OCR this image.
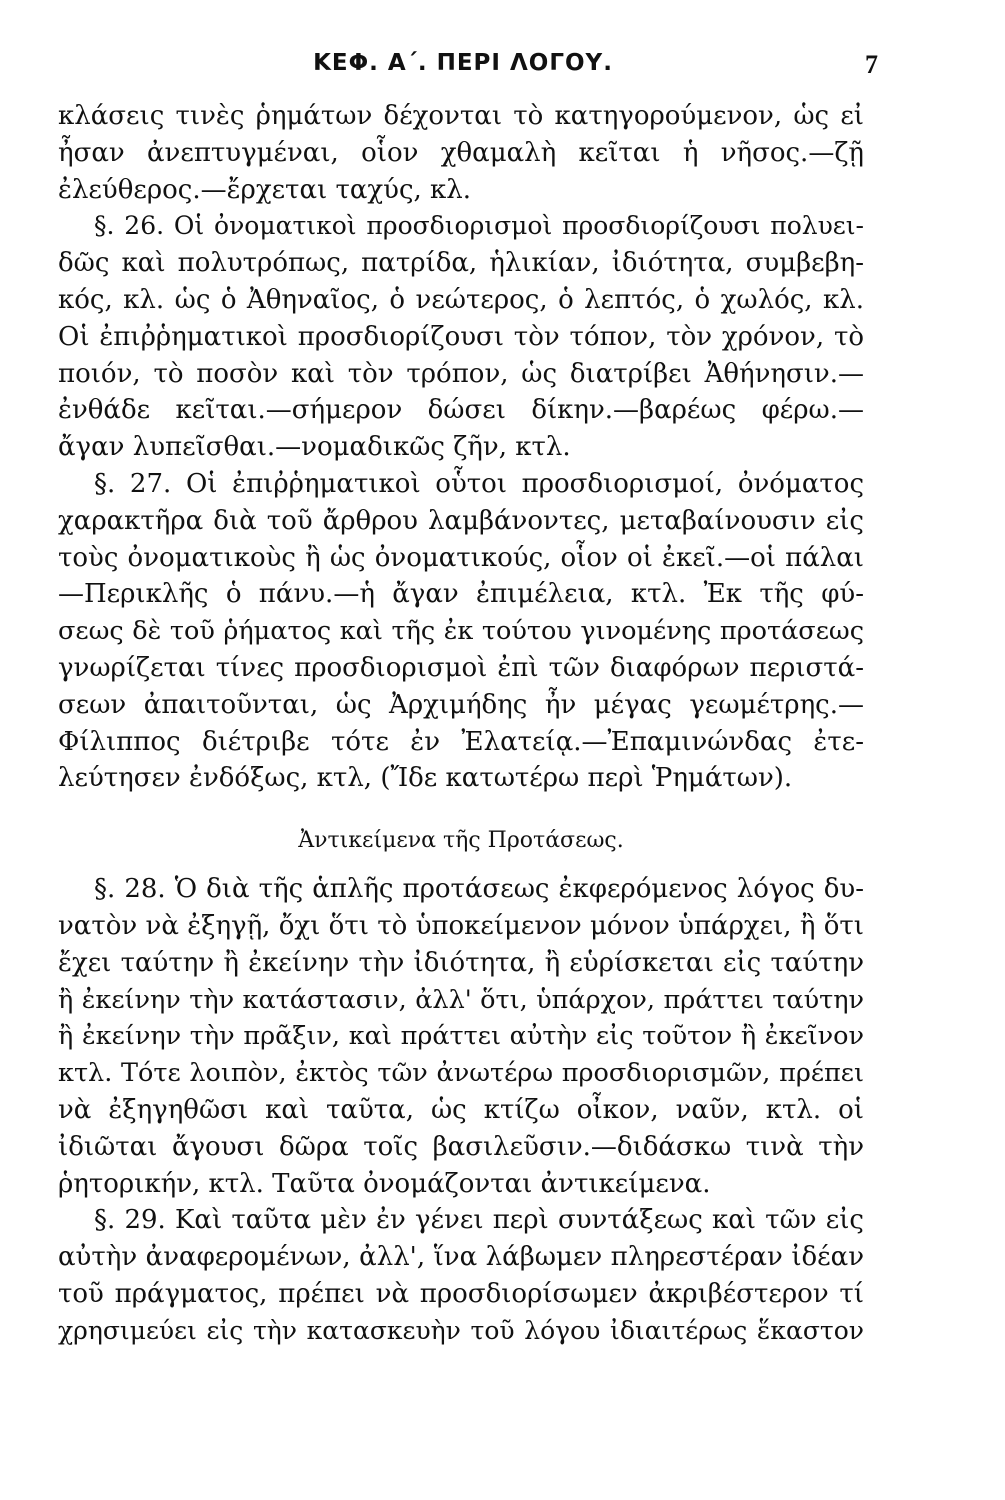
ΚΕΦ. Α΄. ΠΕΡΙ ΛΟΓΟΥ.	7
κλάσεις τινὲς ῥημάτων δέχονται τὸ κατηγορούμενον, ὡς εἰ
ἦσαν ἀνεπτυγμέναι, οἷον χθαμαλὴ κεῖται ἡ νῆσος.—ζῇ
ἐλεύθερος.—ἔρχεται ταχύς, κλ.
§. 26. Οἱ ὀνοματικοὶ προσδιορισμοὶ προσδιορίζουσι πολυει-
δῶς καὶ πολυτρόπως, πατρίδα, ἡλικίαν, ἰδιότητα, συμβεβη-
κός, κλ. ὡς ὁ Ἀθηναῖος, ὁ νεώτερος, ὁ λεπτός, ὁ χωλός, κλ.
Οἱ ἐπιῤῥηματικοὶ προσδιορίζουσι τὸν τόπον, τὸν χρόνον, τὸ
ποιόν, τὸ ποσὸν καὶ τὸν τρόπον, ὡς διατρίβει Ἀθήνησιν.—
ἐνθάδε κεῖται.—σήμερον δώσει δίκην.—βαρέως φέρω.—
ἄγαν λυπεῖσθαι.—νομαδικῶς ζῆν, κτλ.
§. 27. Οἱ ἐπιῤῥηματικοὶ οὗτοι προσδιορισμοί, ὀνόματος
χαρακτῆρα διὰ τοῦ ἄρθρου λαμβάνοντες, μεταβαίνουσιν εἰς
τοὺς ὀνοματικοὺς ἢ ὡς ὀνοματικούς, οἷον οἱ ἐκεῖ.—οἱ πάλαι
—Περικλῆς ὁ πάνυ.—ἡ ἄγαν ἐπιμέλεια, κτλ. Ἐκ τῆς φύ-
σεως δὲ τοῦ ῥήματος καὶ τῆς ἐκ τούτου γινομένης προτάσεως
γνωρίζεται τίνες προσδιορισμοὶ ἐπὶ τῶν διαφόρων περιστά-
σεων ἀπαιτοῦνται, ὡς Ἀρχιμήδης ἦν μέγας γεωμέτρης.—
Φίλιππος διέτριβε τότε ἐν Ἐλατείᾳ.—Ἐπαμινώνδας ἐτε-
λεύτησεν ἐνδόξως, κτλ, (Ἴδε κατωτέρω περὶ Ῥημάτων).
Ἀντικείμενα τῆς Προτάσεως.
§. 28. Ὁ διὰ τῆς ἁπλῆς προτάσεως ἐκφερόμενος λόγος δυ-
νατὸν νὰ ἐξηγῇ, ὄχι ὅτι τὸ ὑποκείμενον μόνον ὑπάρχει, ἢ ὅτι
ἔχει ταύτην ἢ ἐκείνην τὴν ἰδιότητα, ἢ εὑρίσκεται εἰς ταύτην
ἢ ἐκείνην τὴν κατάστασιν, ἀλλ' ὅτι, ὑπάρχον, πράττει ταύτην
ἢ ἐκείνην τὴν πρᾶξιν, καὶ πράττει αὐτὴν εἰς τοῦτον ἢ ἐκεῖνον
κτλ. Τότε λοιπὸν, ἐκτὸς τῶν ἀνωτέρω προσδιορισμῶν, πρέπει
νὰ ἐξηγηθῶσι καὶ ταῦτα, ὡς κτίζω οἶκον, ναῦν, κτλ. οἱ
ἰδιῶται ἄγουσι δῶρα τοῖς βασιλεῦσιν.—διδάσκω τινὰ τὴν
ῥητορικήν, κτλ. Ταῦτα ὀνομάζονται ἀντικείμενα.
§. 29. Καὶ ταῦτα μὲν ἐν γένει περὶ συντάξεως καὶ τῶν εἰς
αὐτὴν ἀναφερομένων, ἀλλ', ἵνα λάβωμεν πληρεστέραν ἰδέαν
τοῦ πράγματος, πρέπει νὰ προσδιορίσωμεν ἀκριβέστερον τί
χρησιμεύει εἰς τὴν κατασκευὴν τοῦ λόγου ἰδιαιτέρως ἕκαστον
